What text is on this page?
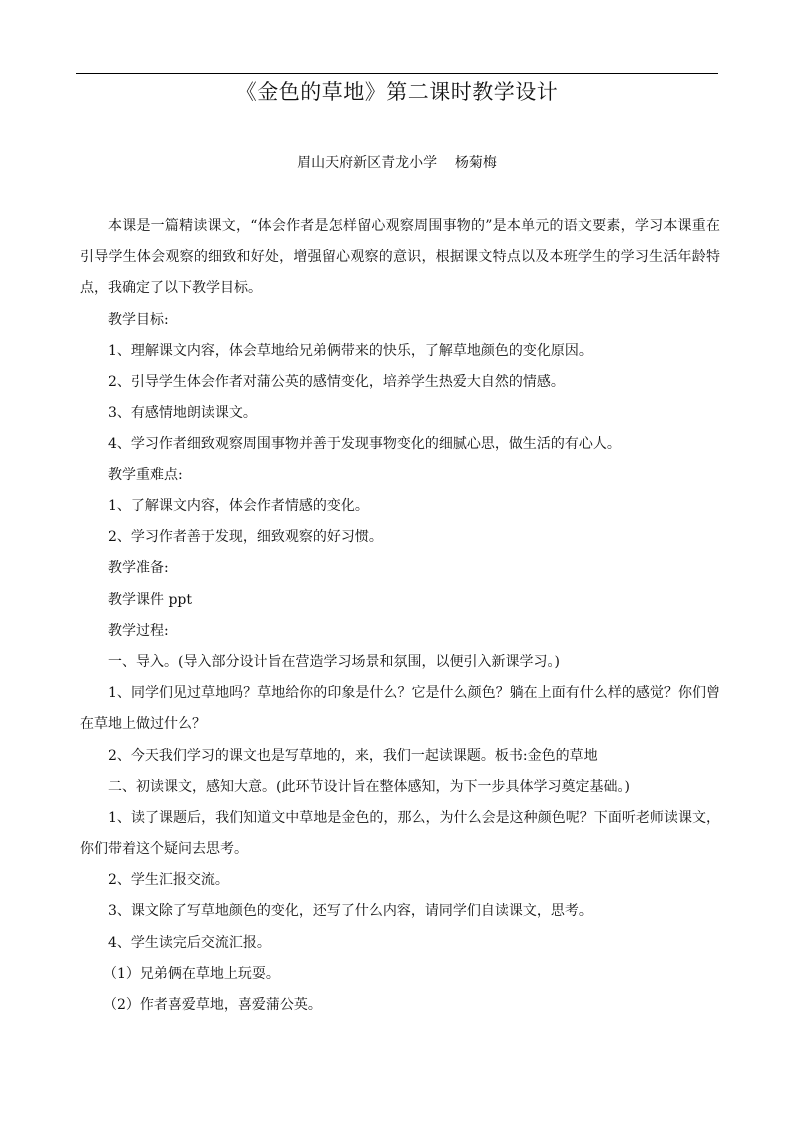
《金色的草地》第二课时教学设计
眉山天府新区青龙小学    杨菊梅

本课是一篇精读课文，“体会作者是怎样留心观察周围事物的”是本单元的语文要素，学习本课重在引导学生体会观察的细致和好处，增强留心观察的意识，根据课文特点以及本班学生的学习生活年龄特点，我确定了以下教学目标。

教学目标:

1、理解课文内容，体会草地给兄弟俩带来的快乐，了解草地颜色的变化原因。

2、引导学生体会作者对蒲公英的感情变化，培养学生热爱大自然的情感。

3、有感情地朗读课文。

4、学习作者细致观察周围事物并善于发现事物变化的细腻心思，做生活的有心人。

教学重难点:

1、了解课文内容，体会作者情感的变化。

2、学习作者善于发现，细致观察的好习惯。

教学准备:

教学课件 ppt

教学过程:

一、导入。(导入部分设计旨在营造学习场景和氛围，以便引入新课学习。)

1、同学们见过草地吗？草地给你的印象是什么？它是什么颜色？躺在上面有什么样的感觉？你们曾在草地上做过什么？

2、今天我们学习的课文也是写草地的，来，我们一起读课题。板书:金色的草地

二、初读课文，感知大意。(此环节设计旨在整体感知，为下一步具体学习奠定基础。)

1、读了课题后，我们知道文中草地是金色的，那么，为什么会是这种颜色呢？下面听老师读课文，你们带着这个疑问去思考。

2、学生汇报交流。

3、课文除了写草地颜色的变化，还写了什么内容，请同学们自读课文，思考。

4、学生读完后交流汇报。

（1）兄弟俩在草地上玩耍。

（2）作者喜爱草地，喜爱蒲公英。
